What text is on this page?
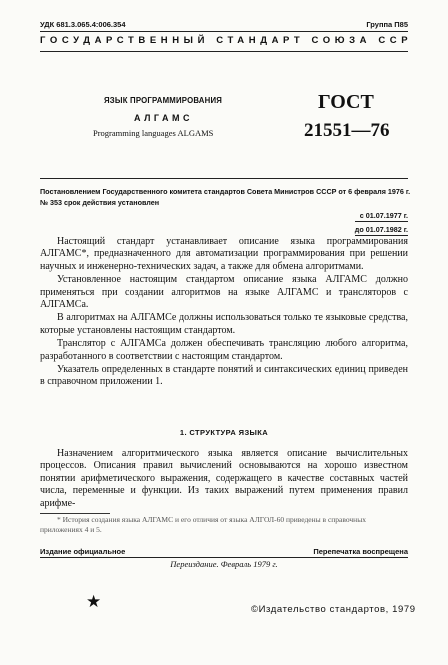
УДК 681.3.065.4:006.354	Группа П85
ГОСУДАРСТВЕННЫЙ СТАНДАРТ СОЮЗА ССР
ЯЗЫК ПРОГРАММИРОВАНИЯ
АЛГАМС
Programming languages ALGAMS
ГОСТ
21551—76
Постановлением Государственного комитета стандартов Совета Министров СССР от 6 февраля 1976 г. № 353 срок действия установлен
с 01.07.1977 г.
до 01.07.1982 г.

Настоящий стандарт устанавливает описание языка программирования АЛГАМС*, предназначенного для автоматизации программирования при решении научных и инженерно-технических задач, а также для обмена алгоритмами.

Установленное настоящим стандартом описание языка АЛГАМС должно применяться при создании алгоритмов на языке АЛГАМС и трансляторов с АЛГАМСа.

В алгоритмах на АЛГАМСе должны использоваться только те языковые средства, которые установлены настоящим стандартом.

Транслятор с АЛГАМСа должен обеспечивать трансляцию любого алгоритма, разработанного в соответствии с настоящим стандартом.

Указатель определенных в стандарте понятий и синтаксических единиц приведен в справочном приложении 1.

1. СТРУКТУРА ЯЗЫКА

Назначением алгоритмического языка является описание вычислительных процессов. Описания правил вычислений основываются на хорошо известном понятии арифметического выражения, содержащего в качестве составных частей числа, переменные и функции. Из таких выражений путем применения правил арифме-

* История создания языка АЛГАМС и его отличия от языка АЛГОЛ-60 приведены в справочных приложениях 4 и 5.

Издание официальное	Перепечатка воспрещена
Переиздание. Февраль 1979 г.
★	©Издательство стандартов, 1979
